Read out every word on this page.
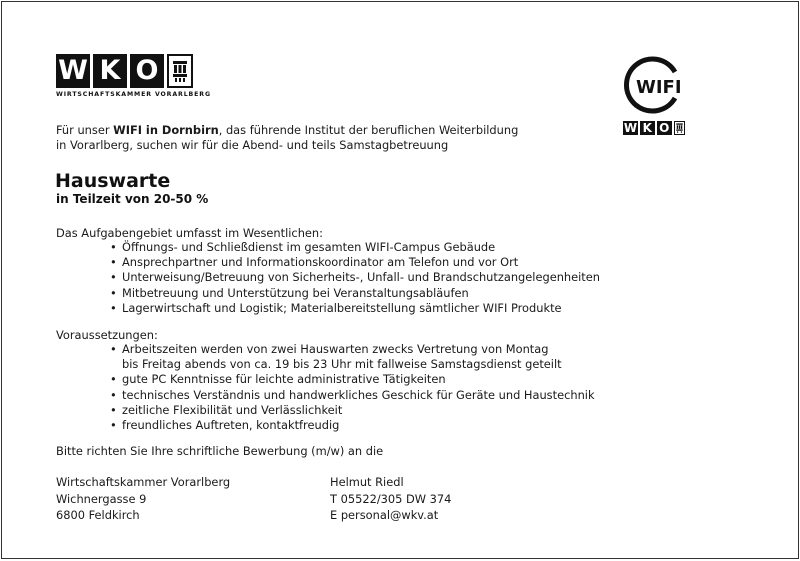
W K O
WIRTSCHAFTSKAMMER VORARLBERG	WIFI
W K O
Für unser WIFI in Dornbirn, das führende Institut der beruflichen Weiterbildung
in Vorarlberg, suchen wir für die Abend- und teils Samstagbetreuung
Hauswarte
in Teilzeit von 20-50 %
Das Aufgabengebiet umfasst im Wesentlichen:
• Öffnungs- und Schließdienst im gesamten WIFI-Campus Gebäude
• Ansprechpartner und Informationskoordinator am Telefon und vor Ort
• Unterweisung/Betreuung von Sicherheits-, Unfall- und Brandschutzangelegenheiten
• Mitbetreuung und Unterstützung bei Veranstaltungsabläufen
• Lagerwirtschaft und Logistik; Materialbereitstellung sämtlicher WIFI Produkte
Voraussetzungen:
• Arbeitszeiten werden von zwei Hauswarten zwecks Vertretung von Montag
bis Freitag abends von ca. 19 bis 23 Uhr mit fallweise Samstagsdienst geteilt
• gute PC Kenntnisse für leichte administrative Tätigkeiten
• technisches Verständnis und handwerkliches Geschick für Geräte und Haustechnik
• zeitliche Flexibilität und Verlässlichkeit
• freundliches Auftreten, kontaktfreudig
Bitte richten Sie Ihre schriftliche Bewerbung (m/w) an die
Wirtschaftskammer Vorarlberg
Wichnergasse 9
6800 Feldkirch
Helmut Riedl
T 05522/305 DW 374
E personal@wkv.at
